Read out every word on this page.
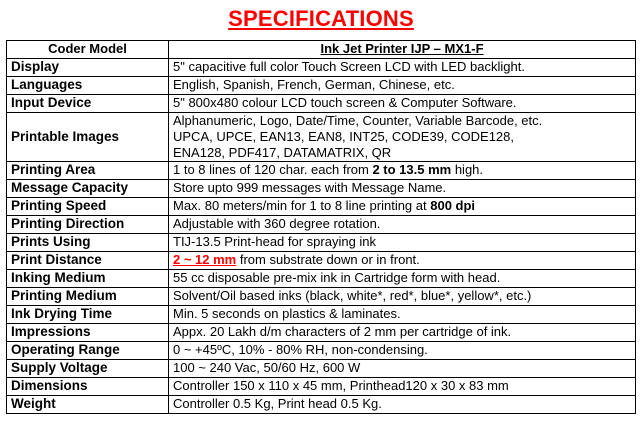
SPECIFICATIONS
Coder Model	Ink Jet Printer IJP – MX1-F
Display	5" capacitive full color Touch Screen LCD with LED backlight.
Languages	English, Spanish, French, German, Chinese, etc.
Input Device	5" 800x480 colour LCD touch screen & Computer Software.
Printable Images	Alphanumeric, Logo, Date/Time, Counter, Variable Barcode, etc.
UPCA, UPCE, EAN13, EAN8, INT25, CODE39, CODE128,
ENA128, PDF417, DATAMATRIX, QR

Printing Area	1 to 8 lines of 120 char. each from 2 to 13.5 mm high.
Message Capacity	Store upto 999 messages with Message Name.
Printing Speed	Max. 80 meters/min for 1 to 8 line printing at 800 dpi
Printing Direction	Adjustable with 360 degree rotation.
Prints Using	TIJ-13.5 Print-head for spraying ink
Print Distance	2 ~ 12 mm from substrate down or in front.
Inking Medium	55 cc disposable pre-mix ink in Cartridge form with head.
Printing Medium	Solvent/Oil based inks (black, white*, red*, blue*, yellow*, etc.)
Ink Drying Time	Min. 5 seconds on plastics & laminates.
Impressions	Appx. 20 Lakh d/m characters of 2 mm per cartridge of ink.
Operating Range	0 ~ +45ºC, 10% - 80% RH, non-condensing.
Supply Voltage	100 ~ 240 Vac, 50/60 Hz, 600 W
Dimensions	Controller 150 x 110 x 45 mm, Printhead120 x 30 x 83 mm
Weight	Controller 0.5 Kg, Print head 0.5 Kg.
